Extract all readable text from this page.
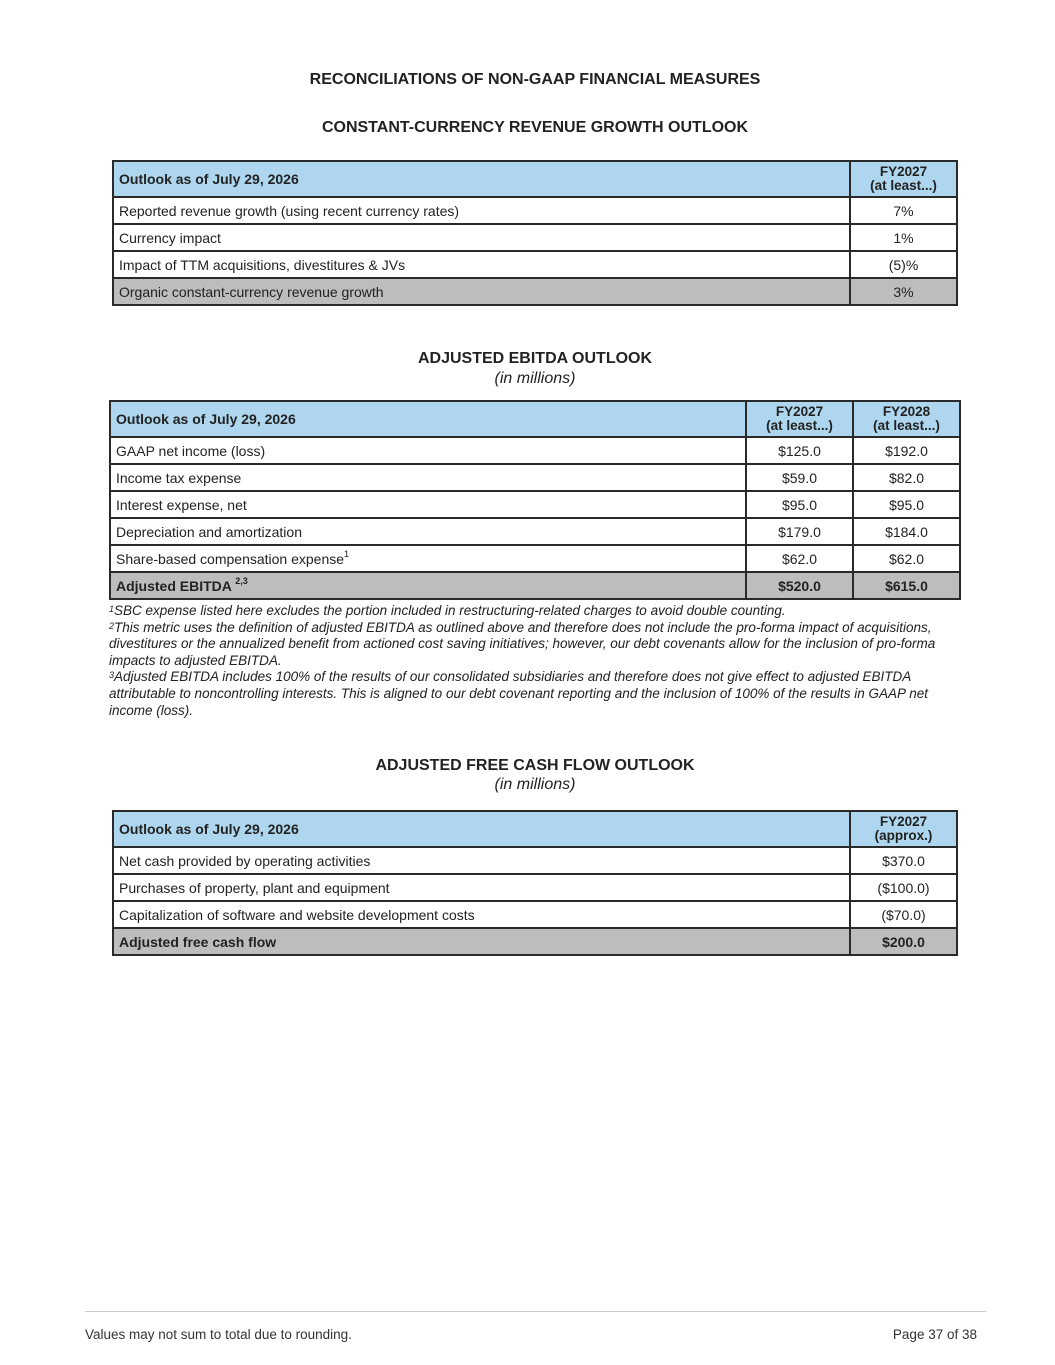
RECONCILIATIONS OF NON-GAAP FINANCIAL MEASURES
CONSTANT-CURRENCY REVENUE GROWTH OUTLOOK
Outlook as of July 29, 2026	FY2027
(at least...)
Reported revenue growth (using recent currency rates)	7%
Currency impact	1%
Impact of TTM acquisitions, divestitures & JVs	(5)%
Organic constant-currency revenue growth	3%
ADJUSTED EBITDA OUTLOOK
(in millions)
Outlook as of July 29, 2026	FY2027
(at least...)	FY2028
(at least...)
GAAP net income (loss)	$125.0	$192.0
Income tax expense	$59.0	$82.0
Interest expense, net	$95.0	$95.0
Depreciation and amortization	$179.0	$184.0
Share-based compensation expense$^1$	$62.0	$62.0
Adjusted EBITDA $^{2,3}$	$520.0	$615.0

$^1$SBC expense listed here excludes the portion included in restructuring-related charges to avoid double counting.

$^2$This metric uses the definition of adjusted EBITDA as outlined above and therefore does not include the pro-forma impact of acquisitions, divestitures or the annualized benefit from actioned cost saving initiatives; however, our debt covenants allow for the inclusion of pro-forma impacts to adjusted EBITDA.

$^3$Adjusted EBITDA includes 100% of the results of our consolidated subsidiaries and therefore does not give effect to adjusted EBITDA attributable to noncontrolling interests. This is aligned to our debt covenant reporting and the inclusion of 100% of the results in GAAP net income (loss).

ADJUSTED FREE CASH FLOW OUTLOOK
(in millions)
Outlook as of July 29, 2026	FY2027
(approx.)
Net cash provided by operating activities	$370.0
Purchases of property, plant and equipment	($100.0)
Capitalization of software and website development costs	($70.0)
Adjusted free cash flow	$200.0
Values may not sum to total due to rounding.	Page 37 of 38
